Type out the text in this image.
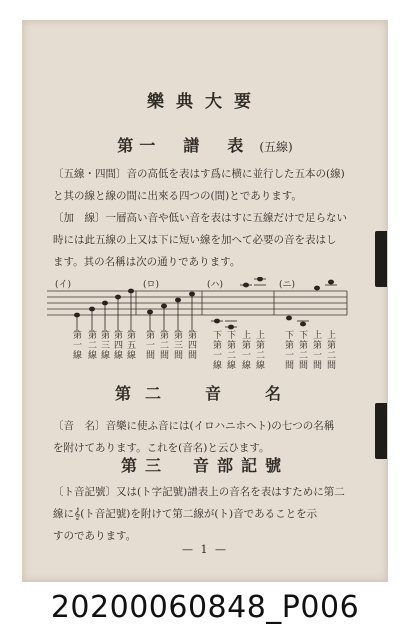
樂典大要
第一　譜　表 (五線)
〔五線・四間〕音の高低を表はす爲に横に並行した五本の(線)
と其の線と線の間に出來る四つの(間)とであります。
〔加　線〕一層高い音や低い音を表はすに五線だけで足らない
時には此五線の上又は下に短い線を加へて必要の音を表はし
ます。其の名稱は次の通りであります。
(イ)	(ロ)	(ハ)	(ニ)
第
一
線
第
二
線
第
三
線
第
四
線
第
五
線
第
一
間
第
二
間
第
三
間
第
四
間
下
第
一
線
下
第
二
線
上
第
一
線
上
第
二
線
下
第
一
間
下
第
二
間
上
第
一
間
上
第
二
間
第二　音　名
〔音　名〕音樂に使ふ音には(イロハニホヘト)の七つの名稱
を附けてあります。これを(音名)と云ひます。
第三　音部記號
〔ト音記號〕又は(ト字記號)譜表上の音名を表はすために第二
線に𝄞(ト音記號)を附けて第二線が(ト)音であることを示
すのであります。
— 1 —
20200060848_P006
